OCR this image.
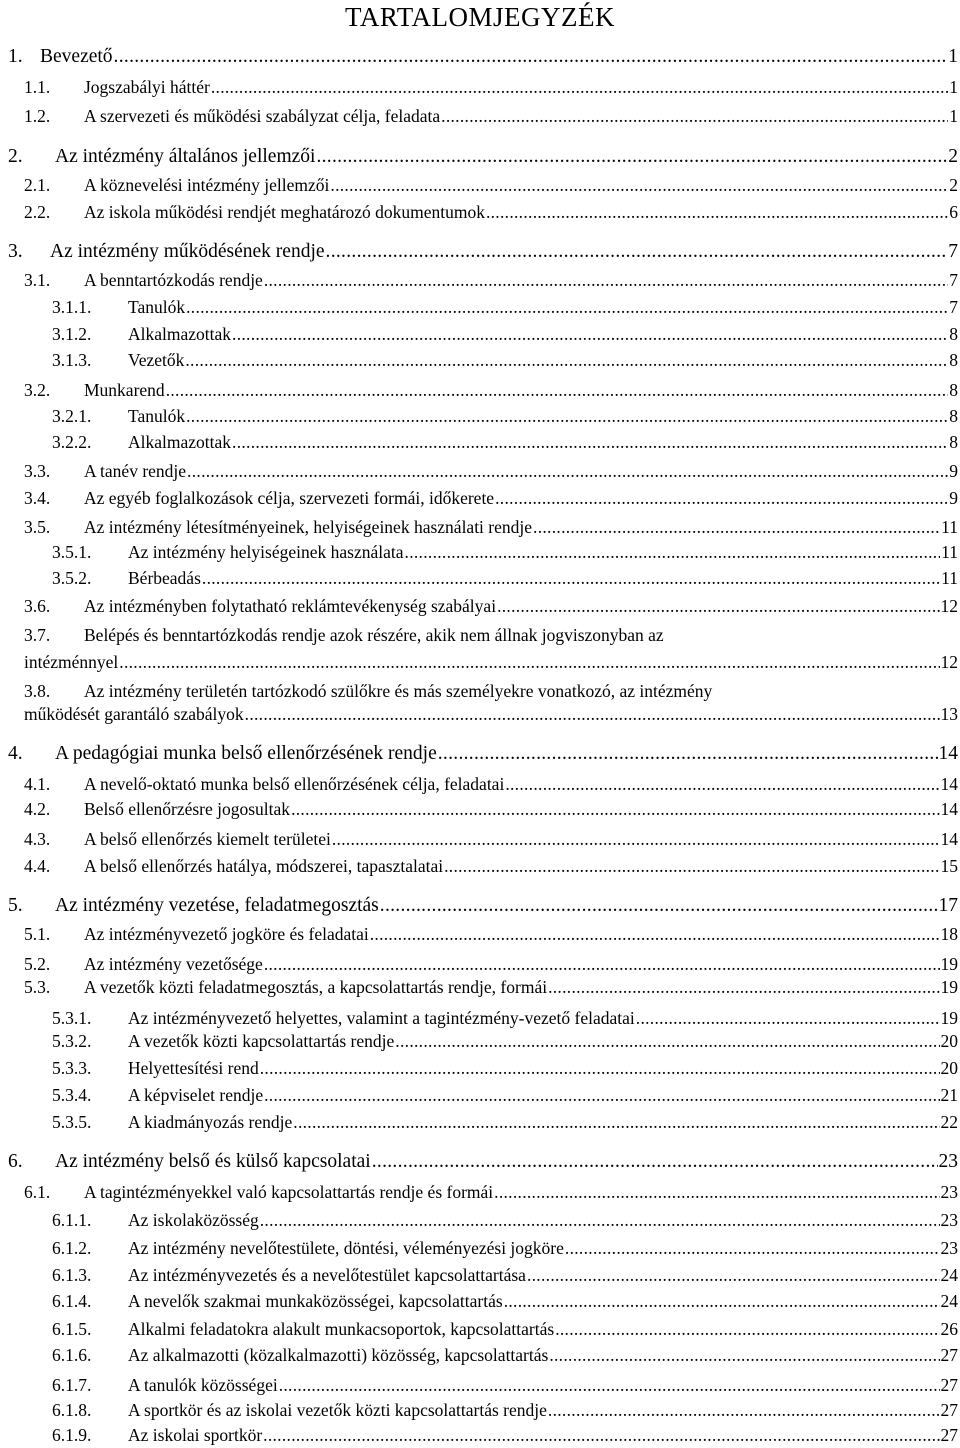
TARTALOMJEGYZÉK
1. Bevezető .....	1
1.1. Jogszabályi háttér .....	1
1.2. A szervezeti és működési szabályzat célja, feladata .....	1
2. Az intézmény általános jellemzői .....	2
2.1. A köznevelési intézmény jellemzői .....	2
2.2. Az iskola működési rendjét meghatározó dokumentumok .....	6
3. Az intézmény működésének rendje .....	7
3.1. A benntartózkodás rendje .....	7
3.1.1. Tanulók .....	7
3.1.2. Alkalmazottak .....	8
3.1.3. Vezetők .....	8
3.2. Munkarend .....	8
3.2.1. Tanulók .....	8
3.2.2. Alkalmazottak .....	8
3.3. A tanév rendje .....	9
3.4. Az egyéb foglalkozások célja, szervezeti formái, időkerete .....	9
3.5. Az intézmény létesítményeinek, helyiségeinek használati rendje .....	11
3.5.1. Az intézmény helyiségeinek használata .....	11
3.5.2. Bérbeadás .....	11
3.6. Az intézményben folytatható reklámtevékenység szabályai .....	12
3.7. Belépés és benntartózkodás rendje azok részére, akik nem állnak jogviszonyban az
intézménnyel .....	12
3.8. Az intézmény területén tartózkodó szülőkre és más személyekre vonatkozó, az intézmény
működését garantáló szabályok .....	13
4. A pedagógiai munka belső ellenőrzésének rendje .....	14
4.1. A nevelő-oktató munka belső ellenőrzésének célja, feladatai .....	14
4.2. Belső ellenőrzésre jogosultak .....	14
4.3. A belső ellenőrzés kiemelt területei .....	14
4.4. A belső ellenőrzés hatálya, módszerei, tapasztalatai .....	15
5. Az intézmény vezetése, feladatmegosztás .....	17
5.1. Az intézményvezető jogköre és feladatai .....	18
5.2. Az intézmény vezetősége .....	19
5.3. A vezetők közti feladatmegosztás, a kapcsolattartás rendje, formái .....	19
5.3.1. Az intézményvezető helyettes, valamint a tagintézmény-vezető feladatai .....	19
5.3.2. A vezetők közti kapcsolattartás rendje .....	20
5.3.3. Helyettesítési rend .....	20
5.3.4. A képviselet rendje .....	21
5.3.5. A kiadmányozás rendje .....	22
6. Az intézmény belső és külső kapcsolatai .....	23
6.1. A tagintézményekkel való kapcsolattartás rendje és formái .....	23
6.1.1. Az iskolaközösség .....	23
6.1.2. Az intézmény nevelőtestülete, döntési, véleményezési jogköre .....	23
6.1.3. Az intézményvezetés és a nevelőtestület kapcsolattartása .....	24
6.1.4. A nevelők szakmai munkaközösségei, kapcsolattartás .....	24
6.1.5. Alkalmi feladatokra alakult munkacsoportok, kapcsolattartás .....	26
6.1.6. Az alkalmazotti (közalkalmazotti) közösség, kapcsolattartás .....	27
6.1.7. A tanulók közösségei .....	27
6.1.8. A sportkör és az iskolai vezetők közti kapcsolattartás rendje .....	27
6.1.9. Az iskolai sportkör .....	27
